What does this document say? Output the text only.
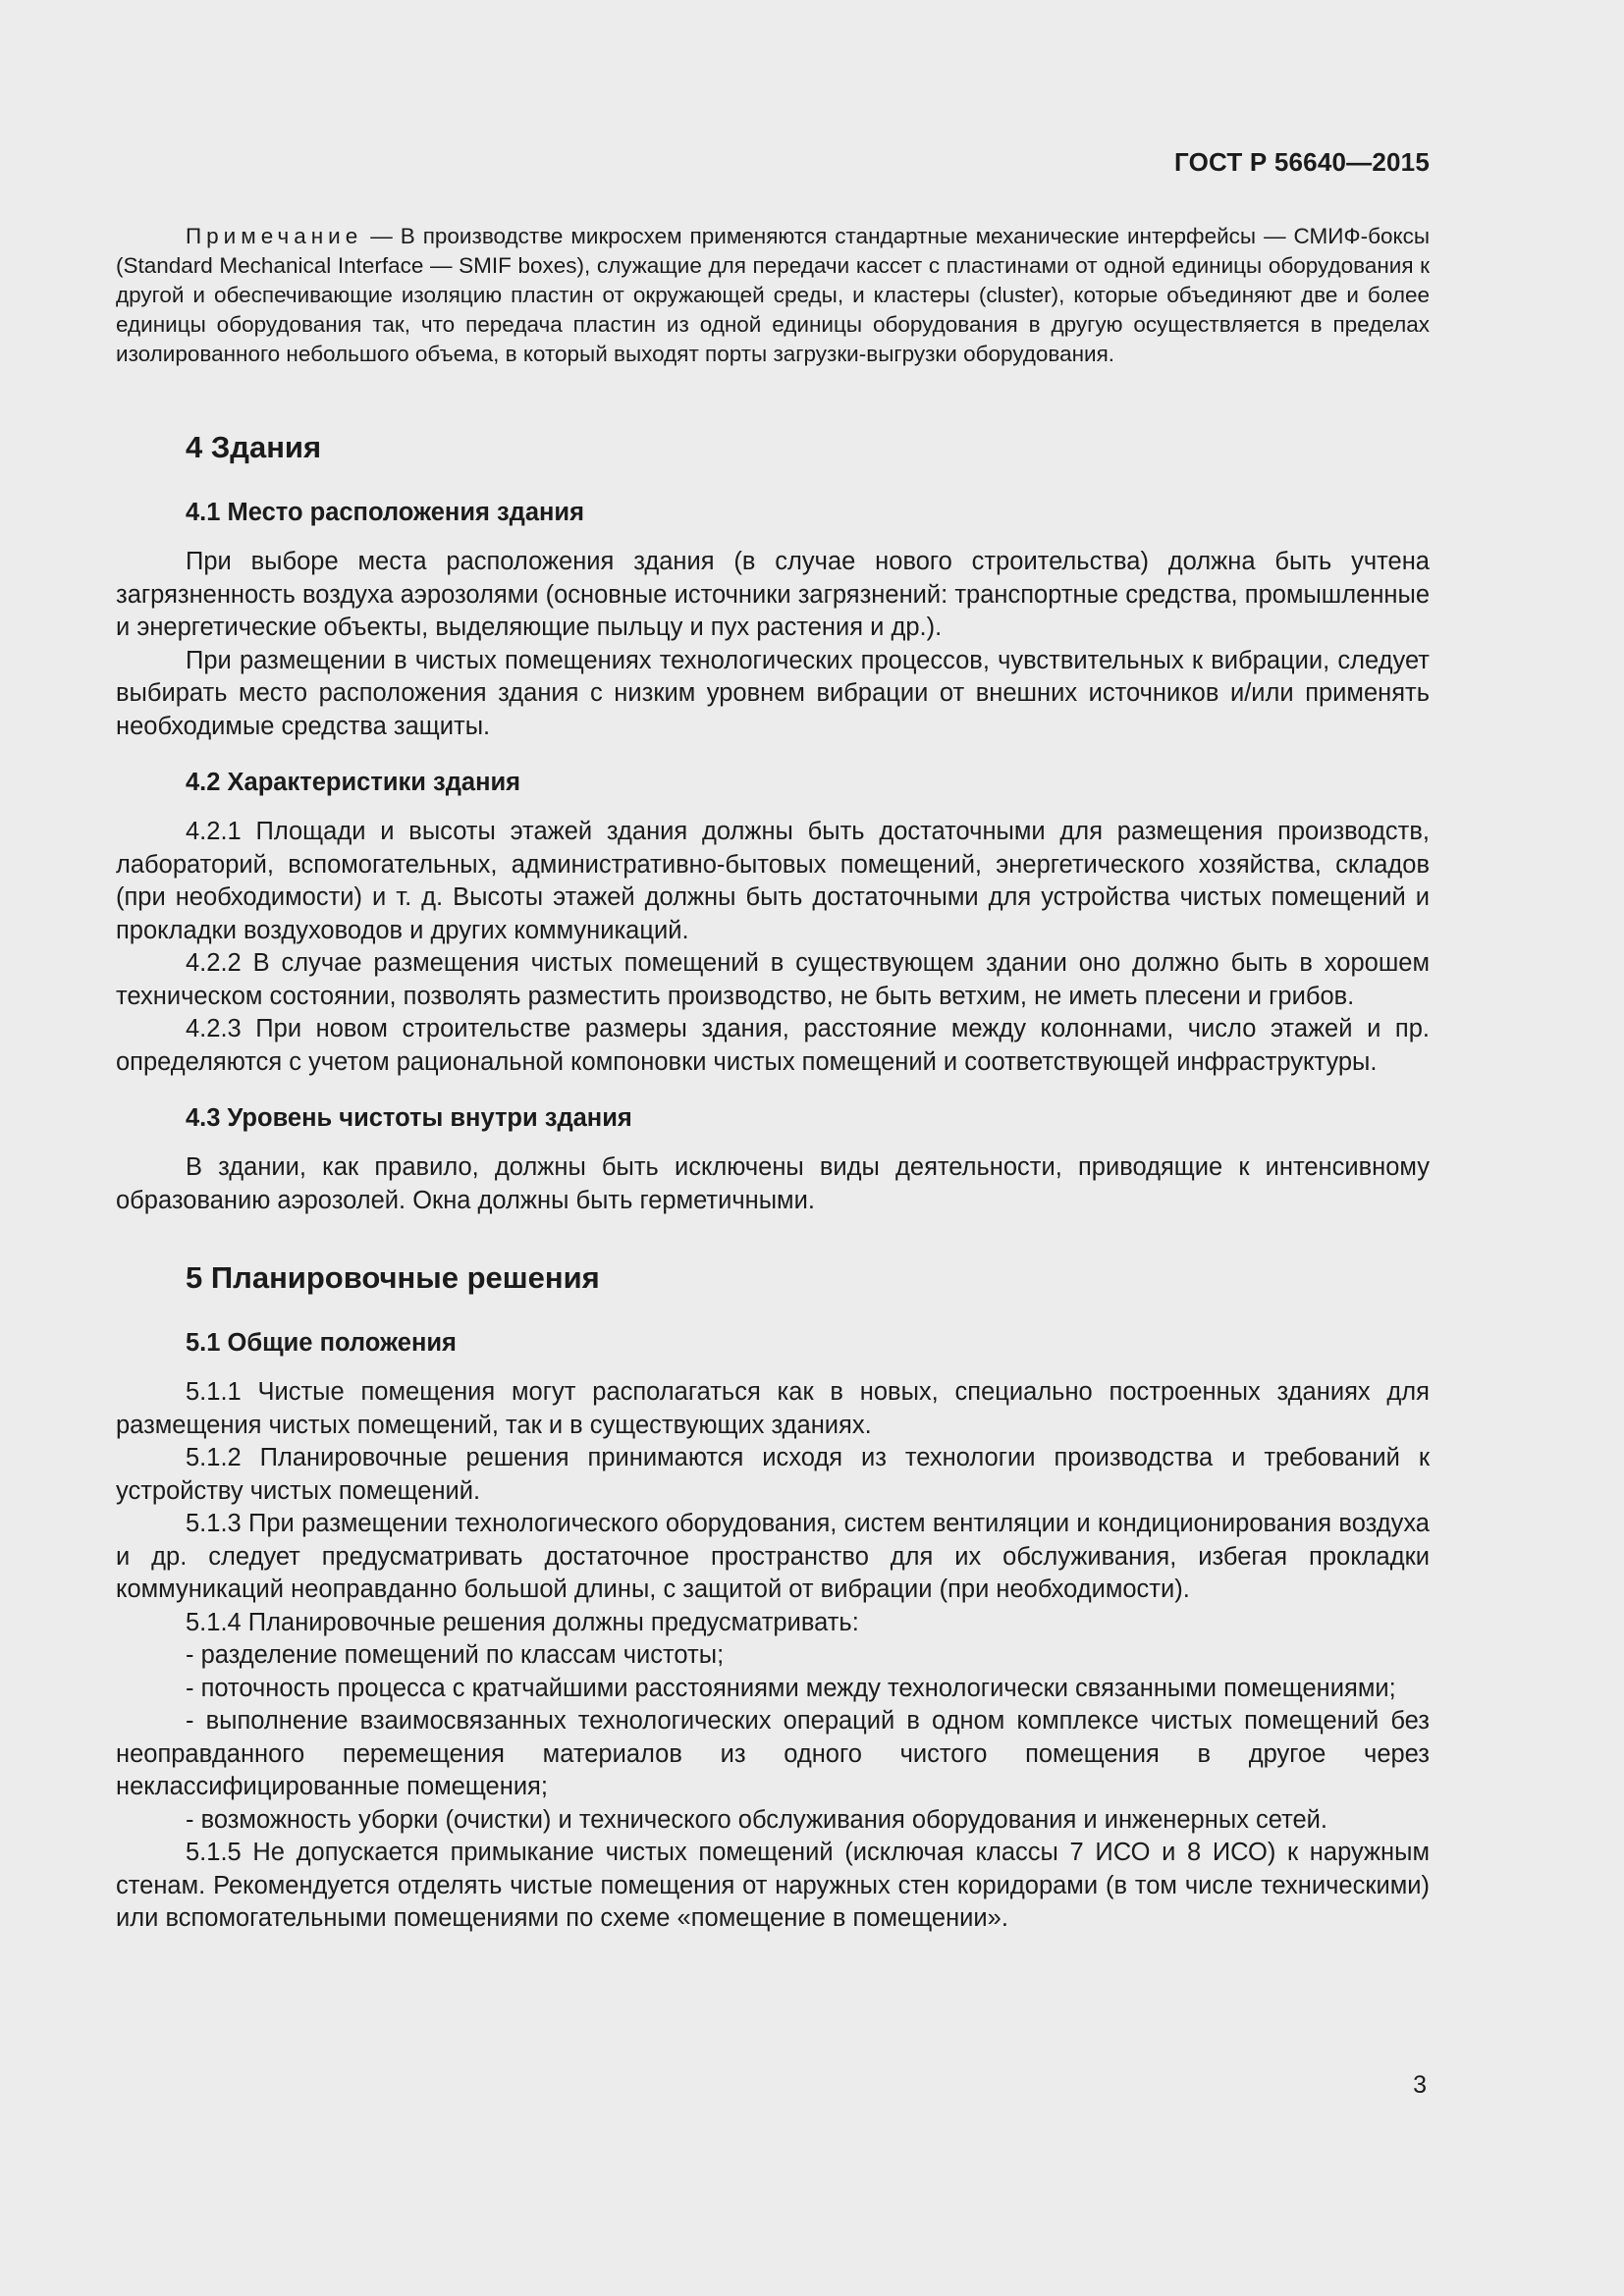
ГОСТ Р 56640—2015

Примечание — В производстве микросхем применяются стандартные механические интерфейсы — СМИФ-боксы (Standard Mechanical Interface — SMIF boxes), служащие для передачи кассет с пластинами от одной единицы оборудования к другой и обеспечивающие изоляцию пластин от окружающей среды, и кластеры (cluster), которые объединяют две и более единицы оборудования так, что передача пластин из одной единицы оборудования в другую осуществляется в пределах изолированного небольшого объема, в который выходят порты загрузки-выгрузки оборудования.

4 Здания
4.1 Место расположения здания

При выборе места расположения здания (в случае нового строительства) должна быть учтена загрязненность воздуха аэрозолями (основные источники загрязнений: транспортные средства, промышленные и энергетические объекты, выделяющие пыльцу и пух растения и др.).

При размещении в чистых помещениях технологических процессов, чувствительных к вибрации, следует выбирать место расположения здания с низким уровнем вибрации от внешних источников и/или применять необходимые средства защиты.

4.2 Характеристики здания

4.2.1 Площади и высоты этажей здания должны быть достаточными для размещения производств, лабораторий, вспомогательных, административно-бытовых помещений, энергетического хозяйства, складов (при необходимости) и т. д. Высоты этажей должны быть достаточными для устройства чистых помещений и прокладки воздуховодов и других коммуникаций.

4.2.2 В случае размещения чистых помещений в существующем здании оно должно быть в хорошем техническом состоянии, позволять разместить производство, не быть ветхим, не иметь плесени и грибов.

4.2.3 При новом строительстве размеры здания, расстояние между колоннами, число этажей и пр. определяются с учетом рациональной компоновки чистых помещений и соответствующей инфраструктуры.

4.3 Уровень чистоты внутри здания

В здании, как правило, должны быть исключены виды деятельности, приводящие к интенсивному образованию аэрозолей. Окна должны быть герметичными.

5 Планировочные решения
5.1 Общие положения

5.1.1 Чистые помещения могут располагаться как в новых, специально построенных зданиях для размещения чистых помещений, так и в существующих зданиях.

5.1.2 Планировочные решения принимаются исходя из технологии производства и требований к устройству чистых помещений.

5.1.3 При размещении технологического оборудования, систем вентиляции и кондиционирования воздуха и др. следует предусматривать достаточное пространство для их обслуживания, избегая прокладки коммуникаций неоправданно большой длины, с защитой от вибрации (при необходимости).

5.1.4 Планировочные решения должны предусматривать:

- разделение помещений по классам чистоты;

- поточность процесса с кратчайшими расстояниями между технологически связанными помещениями;

- выполнение взаимосвязанных технологических операций в одном комплексе чистых помещений без неоправданного перемещения материалов из одного чистого помещения в другое через неклассифицированные помещения;

- возможность уборки (очистки) и технического обслуживания оборудования и инженерных сетей.

5.1.5 Не допускается примыкание чистых помещений (исключая классы 7 ИСО и 8 ИСО) к наружным стенам. Рекомендуется отделять чистые помещения от наружных стен коридорами (в том числе техническими) или вспомогательными помещениями по схеме «помещение в помещении».

3
